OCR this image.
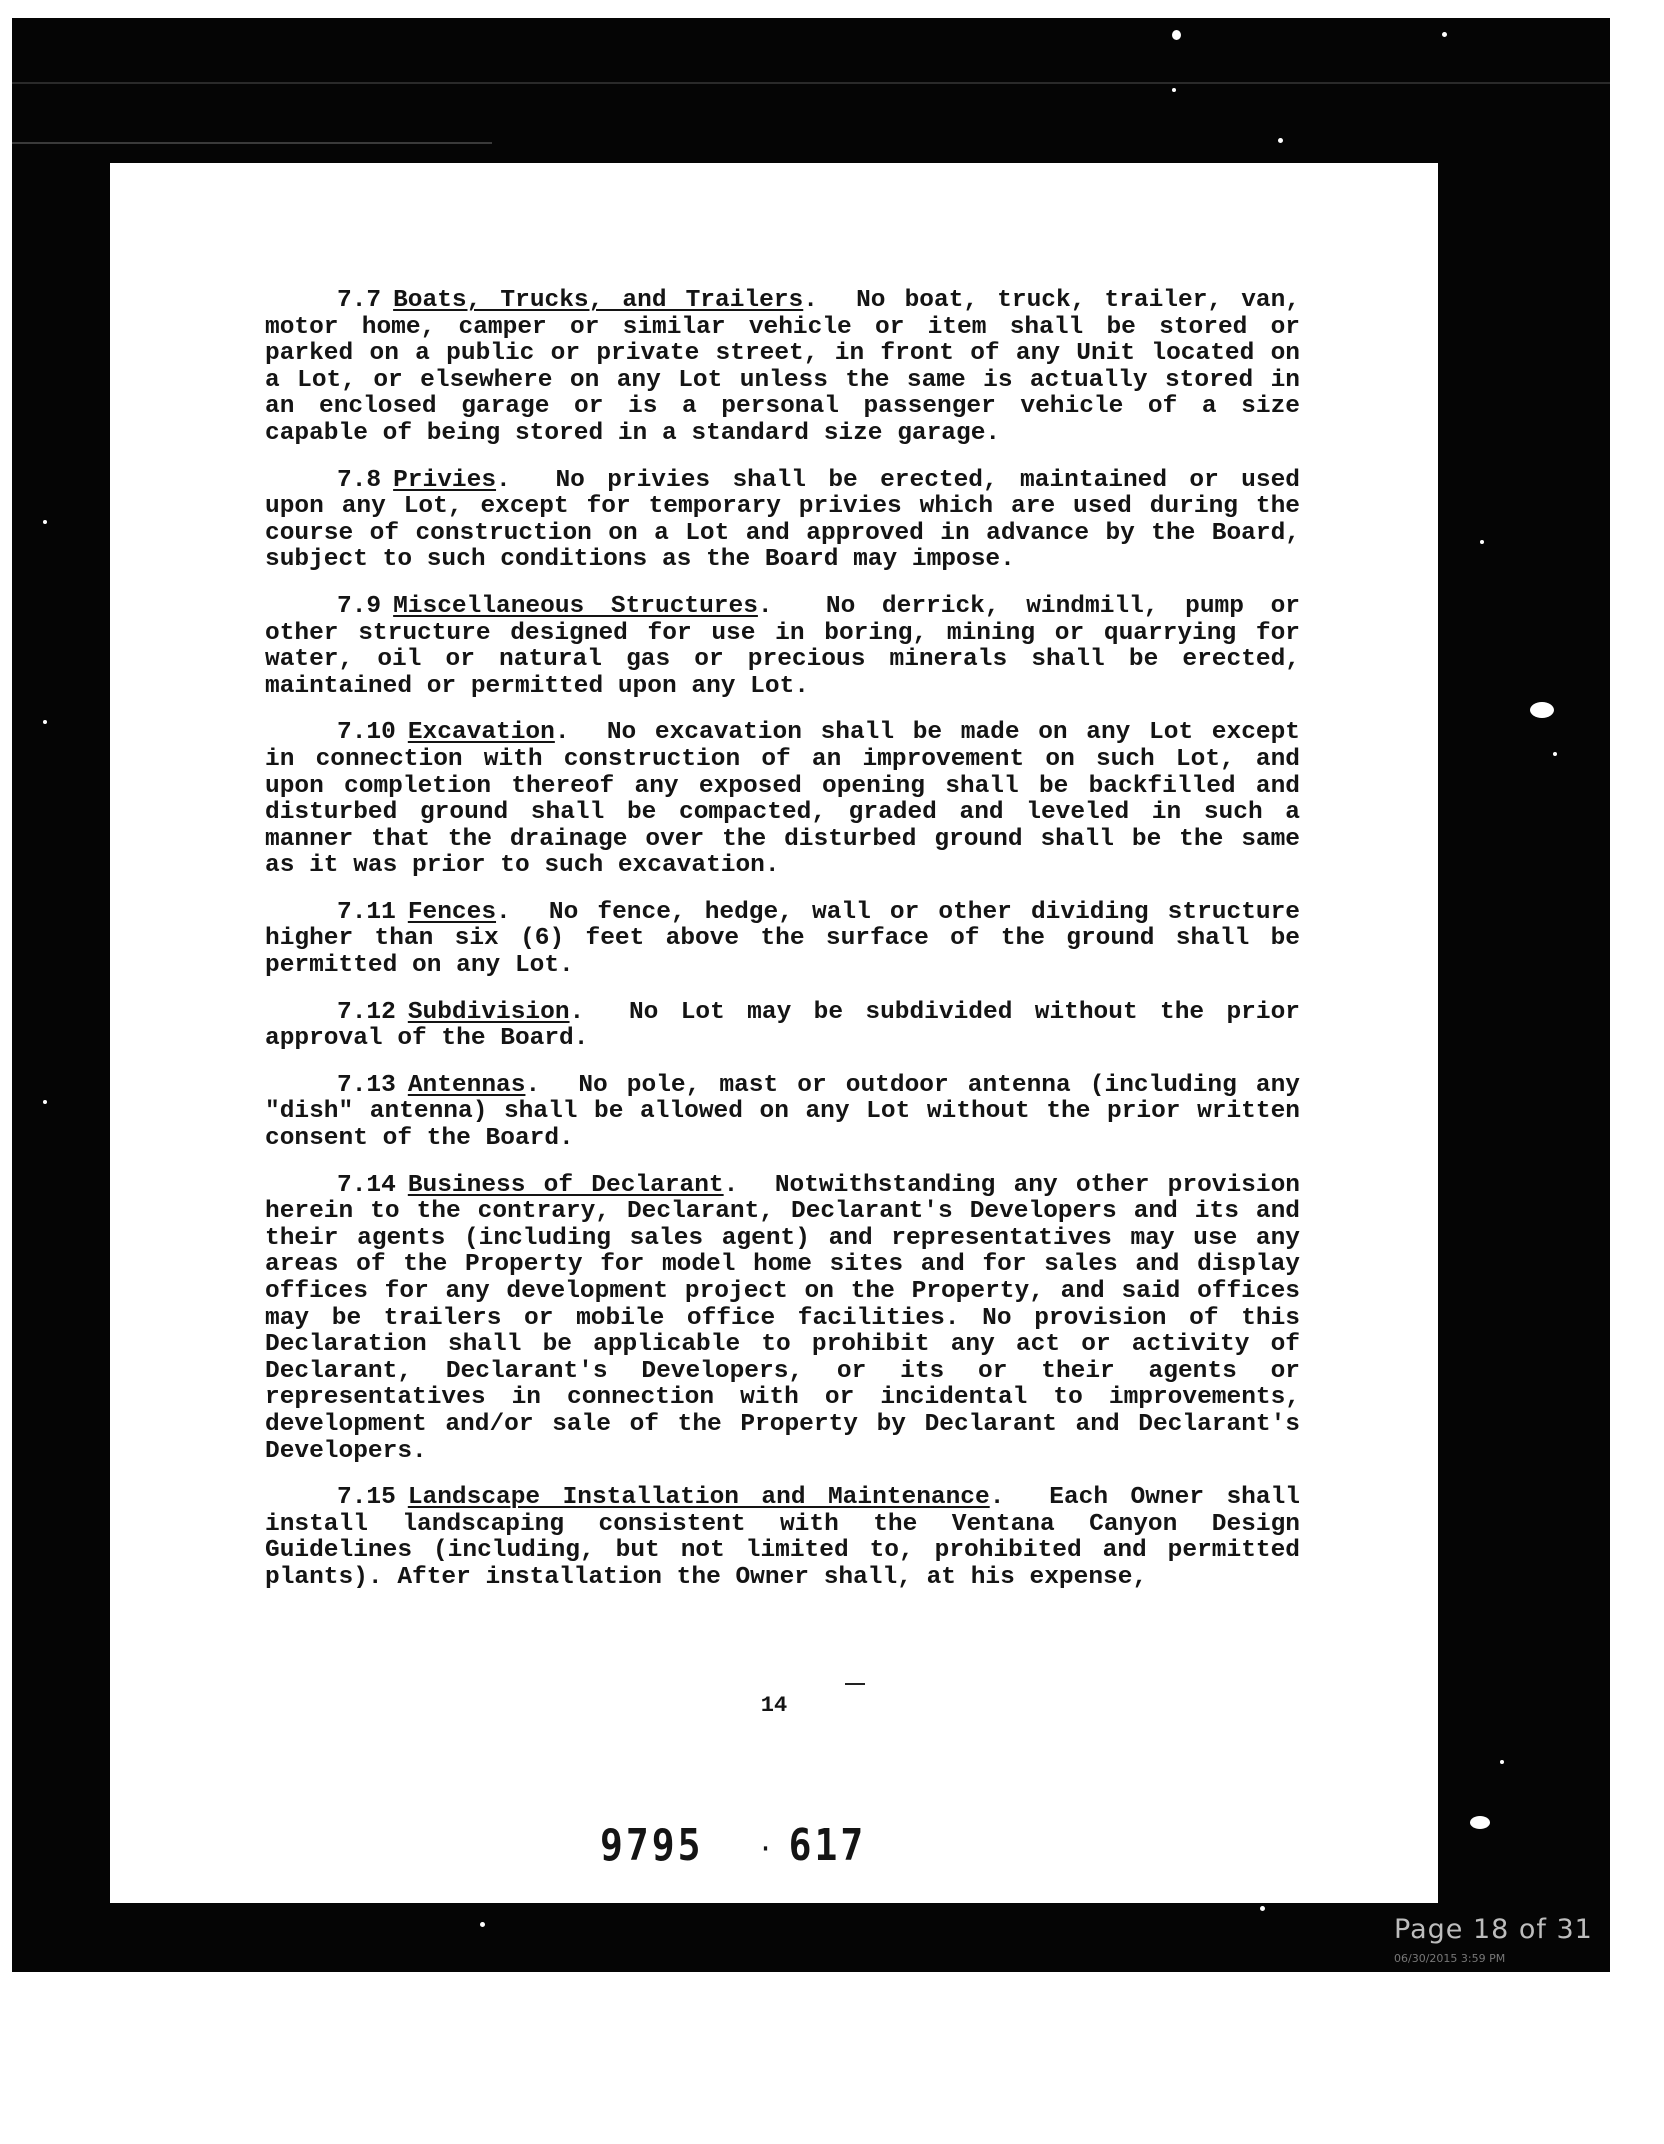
7.7 Boats, Trucks, and Trailers.  No boat, truck, trailer, van, motor home, camper or similar vehicle or item shall be stored or parked on a public or private street, in front of any Unit located on a Lot, or elsewhere on any Lot unless the same is actually stored in an enclosed garage or is a personal passenger vehicle of a size capable of being stored in a standard size garage.

7.8 Privies.  No privies shall be erected, maintained or used upon any Lot, except for temporary privies which are used during the course of construction on a Lot and approved in advance by the Board, subject to such conditions as the Board may impose.

7.9 Miscellaneous Structures.  No derrick, windmill, pump or other structure designed for use in boring, mining or quarrying for water, oil or natural gas or precious minerals shall be erected, maintained or permitted upon any Lot.

7.10 Excavation.  No excavation shall be made on any Lot except in connection with construction of an improvement on such Lot, and upon completion thereof any exposed opening shall be backfilled and disturbed ground shall be compacted, graded and leveled in such a manner that the drainage over the disturbed ground shall be the same as it was prior to such excavation.

7.11 Fences.  No fence, hedge, wall or other dividing structure higher than six (6) feet above the surface of the ground shall be permitted on any Lot.

7.12 Subdivision.  No Lot may be subdivided without the prior approval of the Board.

7.13 Antennas.  No pole, mast or outdoor antenna (including any "dish" antenna) shall be allowed on any Lot without the prior written consent of the Board.

7.14 Business of Declarant.  Notwithstanding any other provision herein to the contrary, Declarant, Declarant's Developers and its and their agents (including sales agent) and representatives may use any areas of the Property for model home sites and for sales and display offices for any development project on the Property, and said offices may be trailers or mobile office facilities. No provision of this Declaration shall be applicable to prohibit any act or activity of Declarant, Declarant's Developers, or its or their agents or representatives in connection with or incidental to improvements, development and/or sale of the Property by Declarant and Declarant's Developers.

7.15 Landscape Installation and Maintenance.  Each Owner shall install landscaping consistent with the Ventana Canyon Design Guidelines (including, but not limited to, prohibited and permitted plants). After installation the Owner shall, at his expense,

14
9795	· 617
Page 18 of 31
06/30/2015 3:59 PM
